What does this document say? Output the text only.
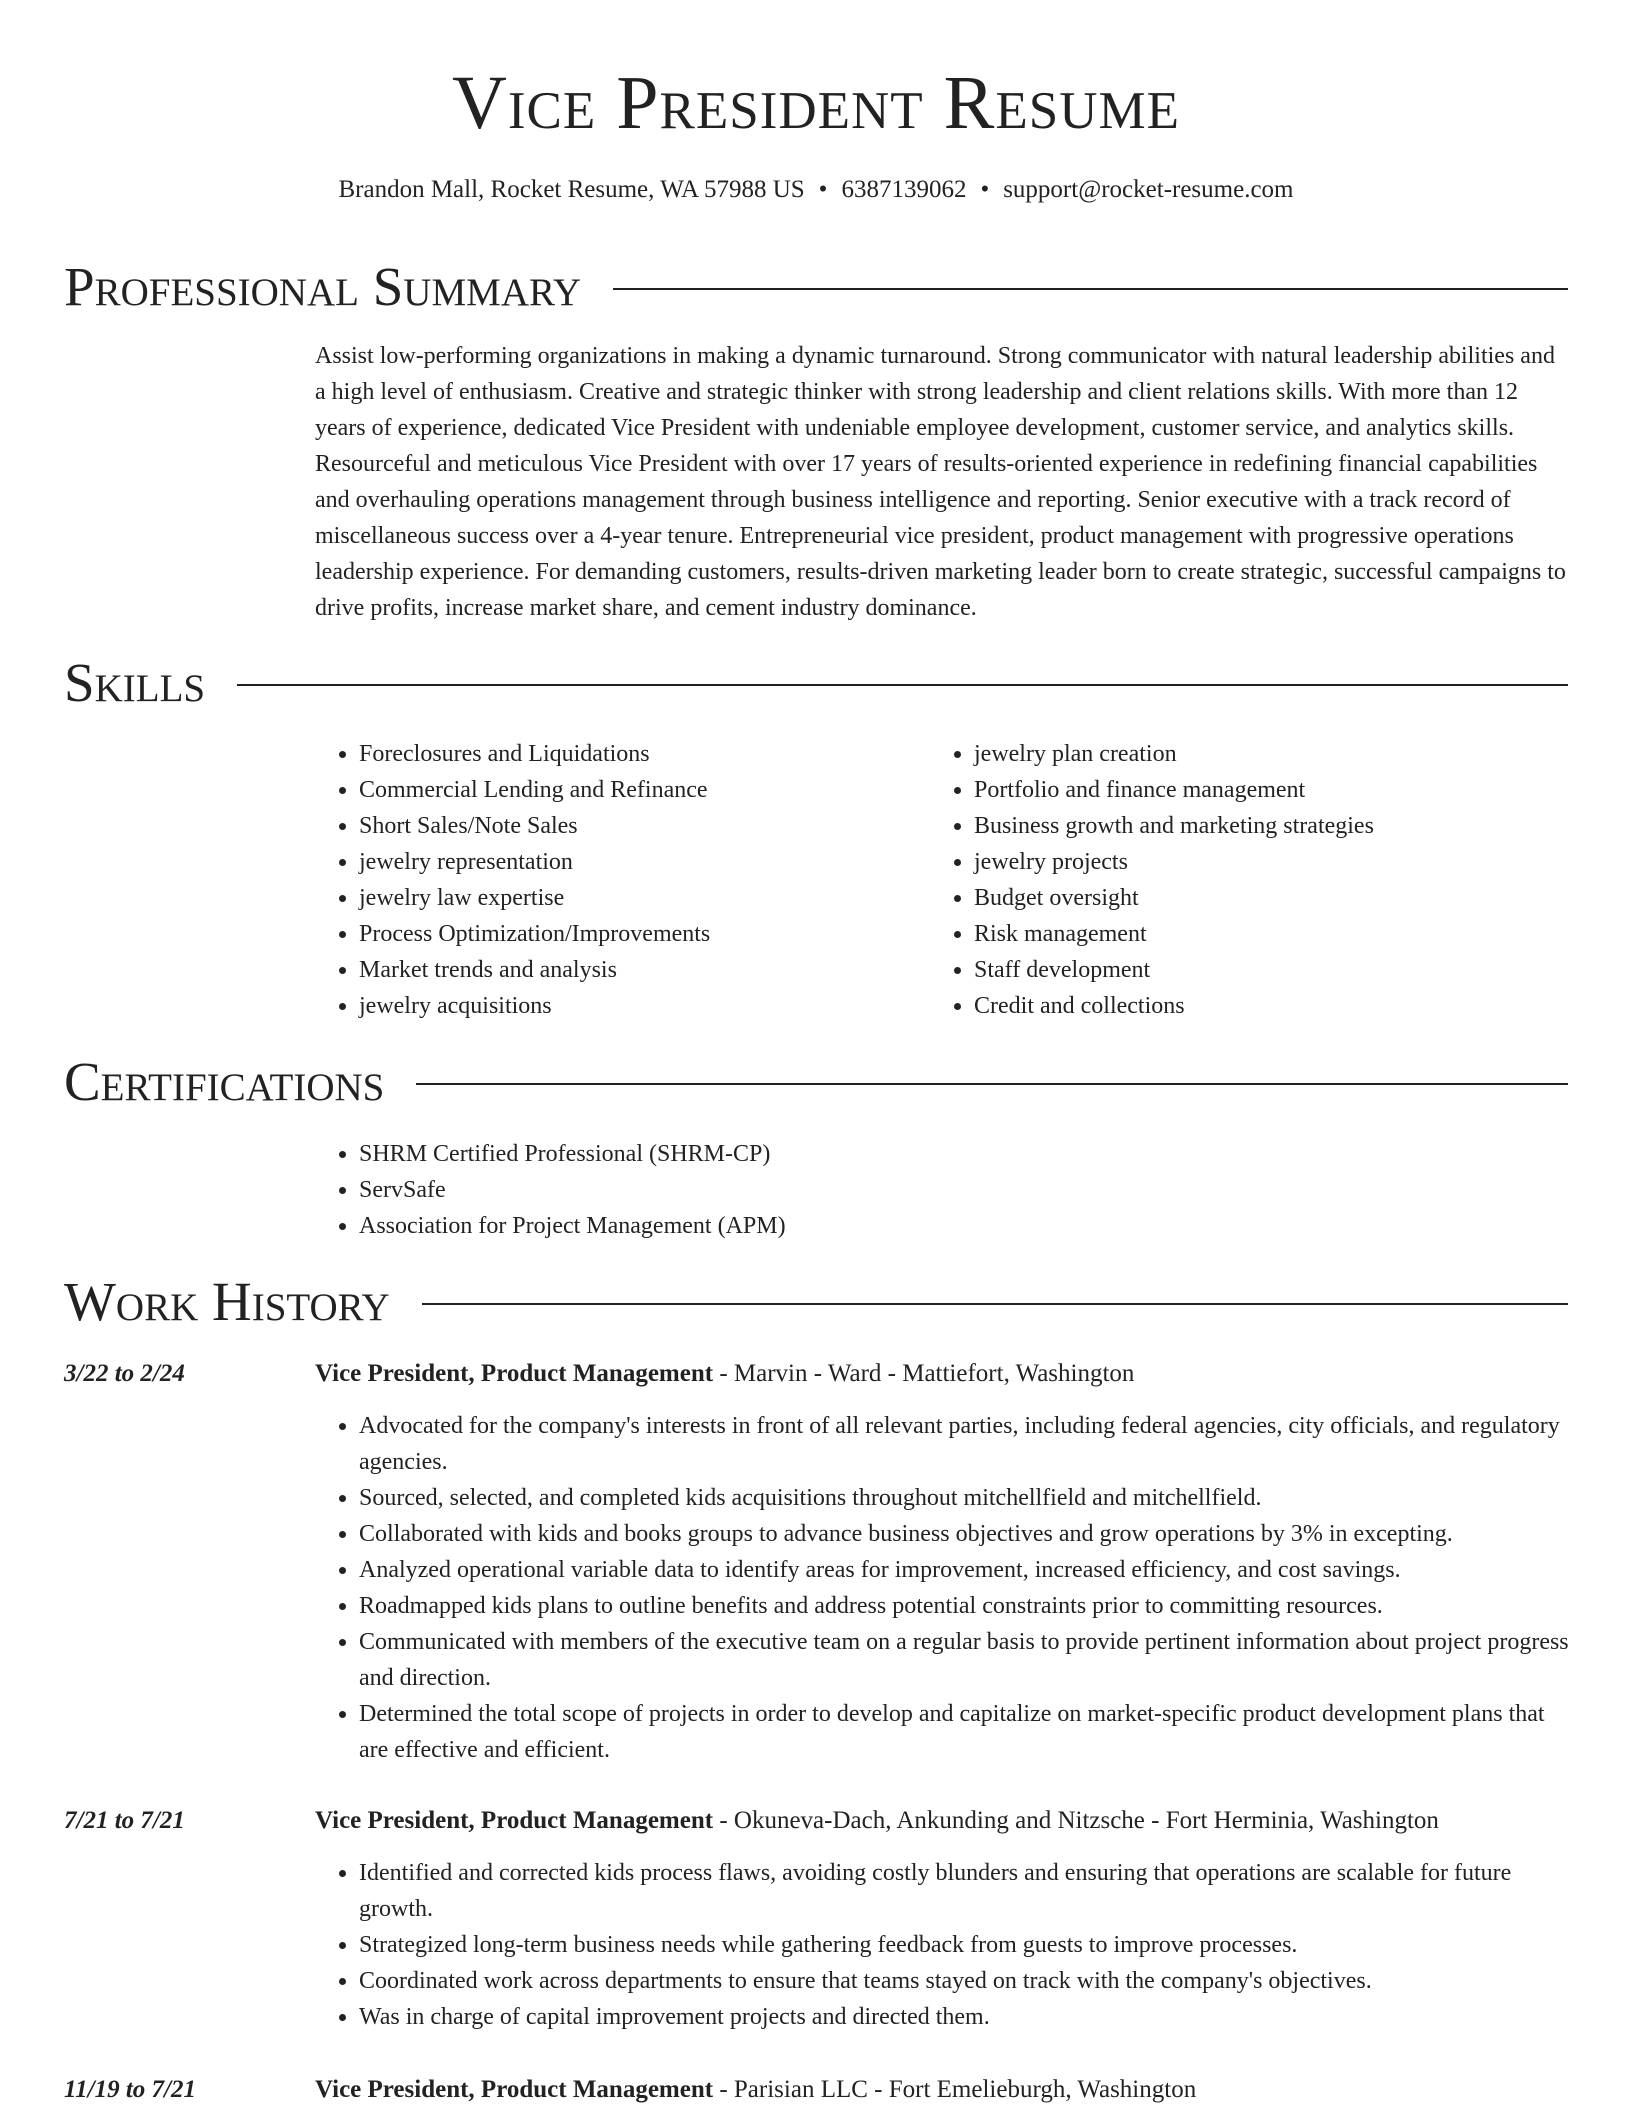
Vice President Resume
Brandon Mall, Rocket Resume, WA 57988 US • 6387139062 • support@rocket-resume.com
Professional Summary

Assist low-performing organizations in making a dynamic turnaround. Strong communicator with natural leadership abilities and a high level of enthusiasm. Creative and strategic thinker with strong leadership and client relations skills. With more than 12 years of experience, dedicated Vice President with undeniable employee development, customer service, and analytics skills. Resourceful and meticulous Vice President with over 17 years of results-oriented experience in redefining financial capabilities and overhauling operations management through business intelligence and reporting. Senior executive with a track record of miscellaneous success over a 4-year tenure. Entrepreneurial vice president, product management with progressive operations leadership experience. For demanding customers, results-driven marketing leader born to create strategic, successful campaigns to drive profits, increase market share, and cement industry dominance.

Skills
• Foreclosures and Liquidations
• Commercial Lending and Refinance
• Short Sales/Note Sales
• jewelry representation
• jewelry law expertise
• Process Optimization/Improvements
• Market trends and analysis
• jewelry acquisitions
• jewelry plan creation
• Portfolio and finance management
• Business growth and marketing strategies
• jewelry projects
• Budget oversight
• Risk management
• Staff development
• Credit and collections
Certifications
• SHRM Certified Professional (SHRM-CP)
• ServSafe
• Association for Project Management (APM)
Work History
3/22 to 2/24	Vice President, Product Management - Marvin - Ward - Mattiefort, Washington
• Advocated for the company's interests in front of all relevant parties, including federal agencies, city officials, and regulatory agencies.
• Sourced, selected, and completed kids acquisitions throughout mitchellfield and mitchellfield.
• Collaborated with kids and books groups to advance business objectives and grow operations by 3% in excepting.
• Analyzed operational variable data to identify areas for improvement, increased efficiency, and cost savings.
• Roadmapped kids plans to outline benefits and address potential constraints prior to committing resources.
• Communicated with members of the executive team on a regular basis to provide pertinent information about project progress and direction.
• Determined the total scope of projects in order to develop and capitalize on market-specific product development plans that are effective and efficient.
7/21 to 7/21	Vice President, Product Management - Okuneva-Dach, Ankunding and Nitzsche - Fort Herminia, Washington
• Identified and corrected kids process flaws, avoiding costly blunders and ensuring that operations are scalable for future growth.
• Strategized long-term business needs while gathering feedback from guests to improve processes.
• Coordinated work across departments to ensure that teams stayed on track with the company's objectives.
• Was in charge of capital improvement projects and directed them.
11/19 to 7/21	Vice President, Product Management - Parisian LLC - Fort Emelieburgh, Washington
